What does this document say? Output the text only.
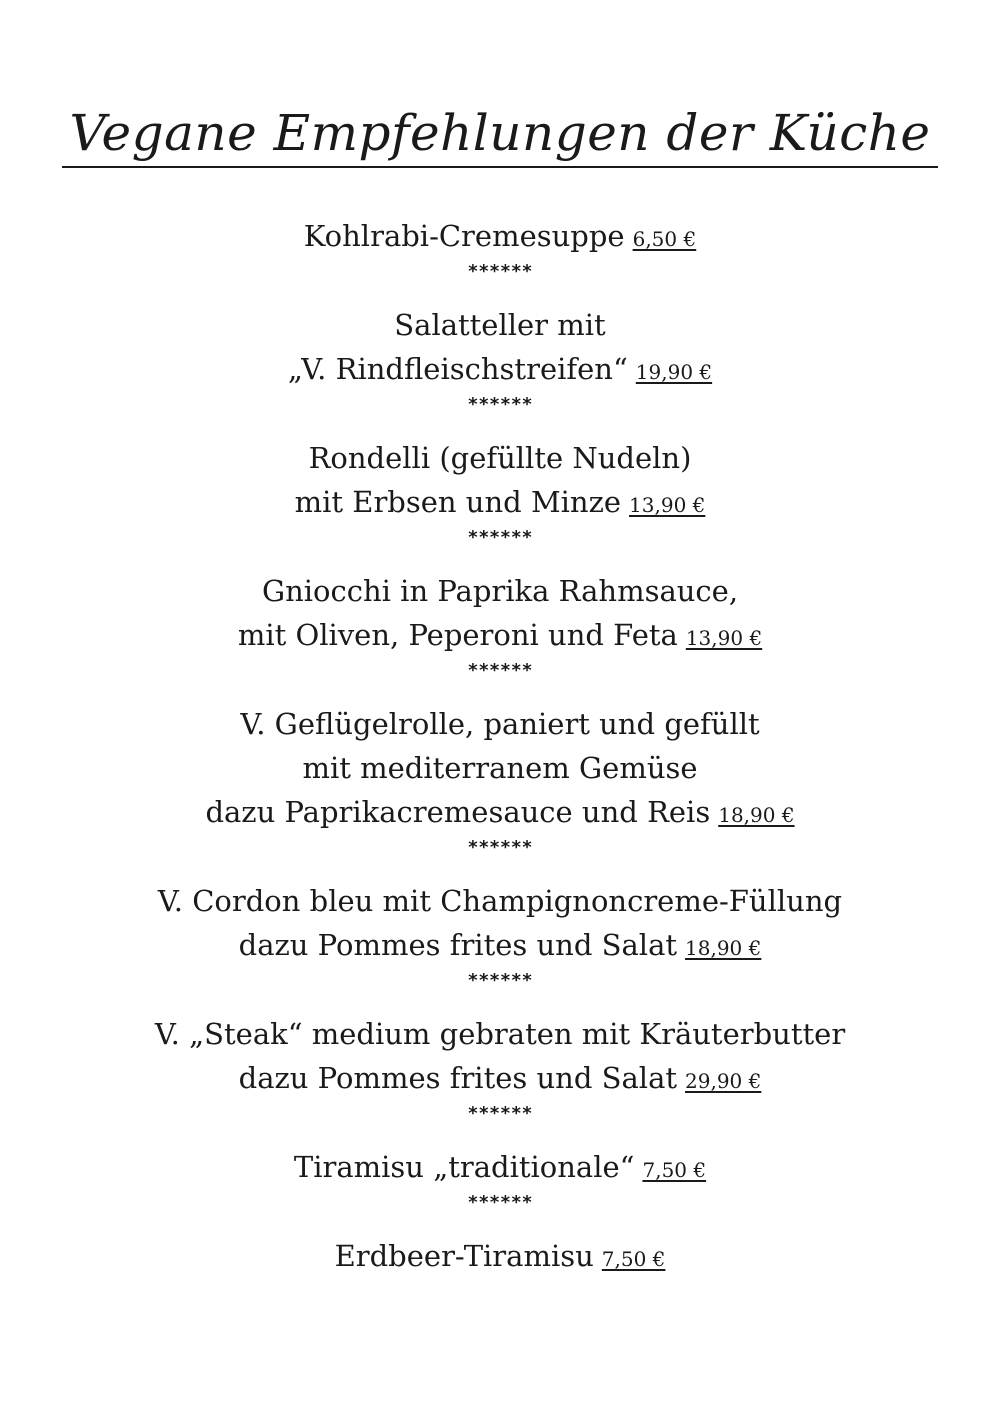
Vegane Empfehlungen der Küche
Kohlrabi-Cremesuppe 6,50 €
******
Salatteller mit
„V. Rindfleischstreifen“ 19,90 €
******
Rondelli (gefüllte Nudeln)
mit Erbsen und Minze 13,90 €
******
Gniocchi in Paprika Rahmsauce,
mit Oliven, Peperoni und Feta 13,90 €
******
V. Geflügelrolle, paniert und gefüllt
mit mediterranem Gemüse
dazu Paprikacremesauce und Reis 18,90 €
******
V. Cordon bleu mit Champignoncreme-Füllung
dazu Pommes frites und Salat 18,90 €
******
V. „Steak“ medium gebraten mit Kräuterbutter
dazu Pommes frites und Salat 29,90 €
******
Tiramisu „traditionale“ 7,50 €
******
Erdbeer-Tiramisu 7,50 €
